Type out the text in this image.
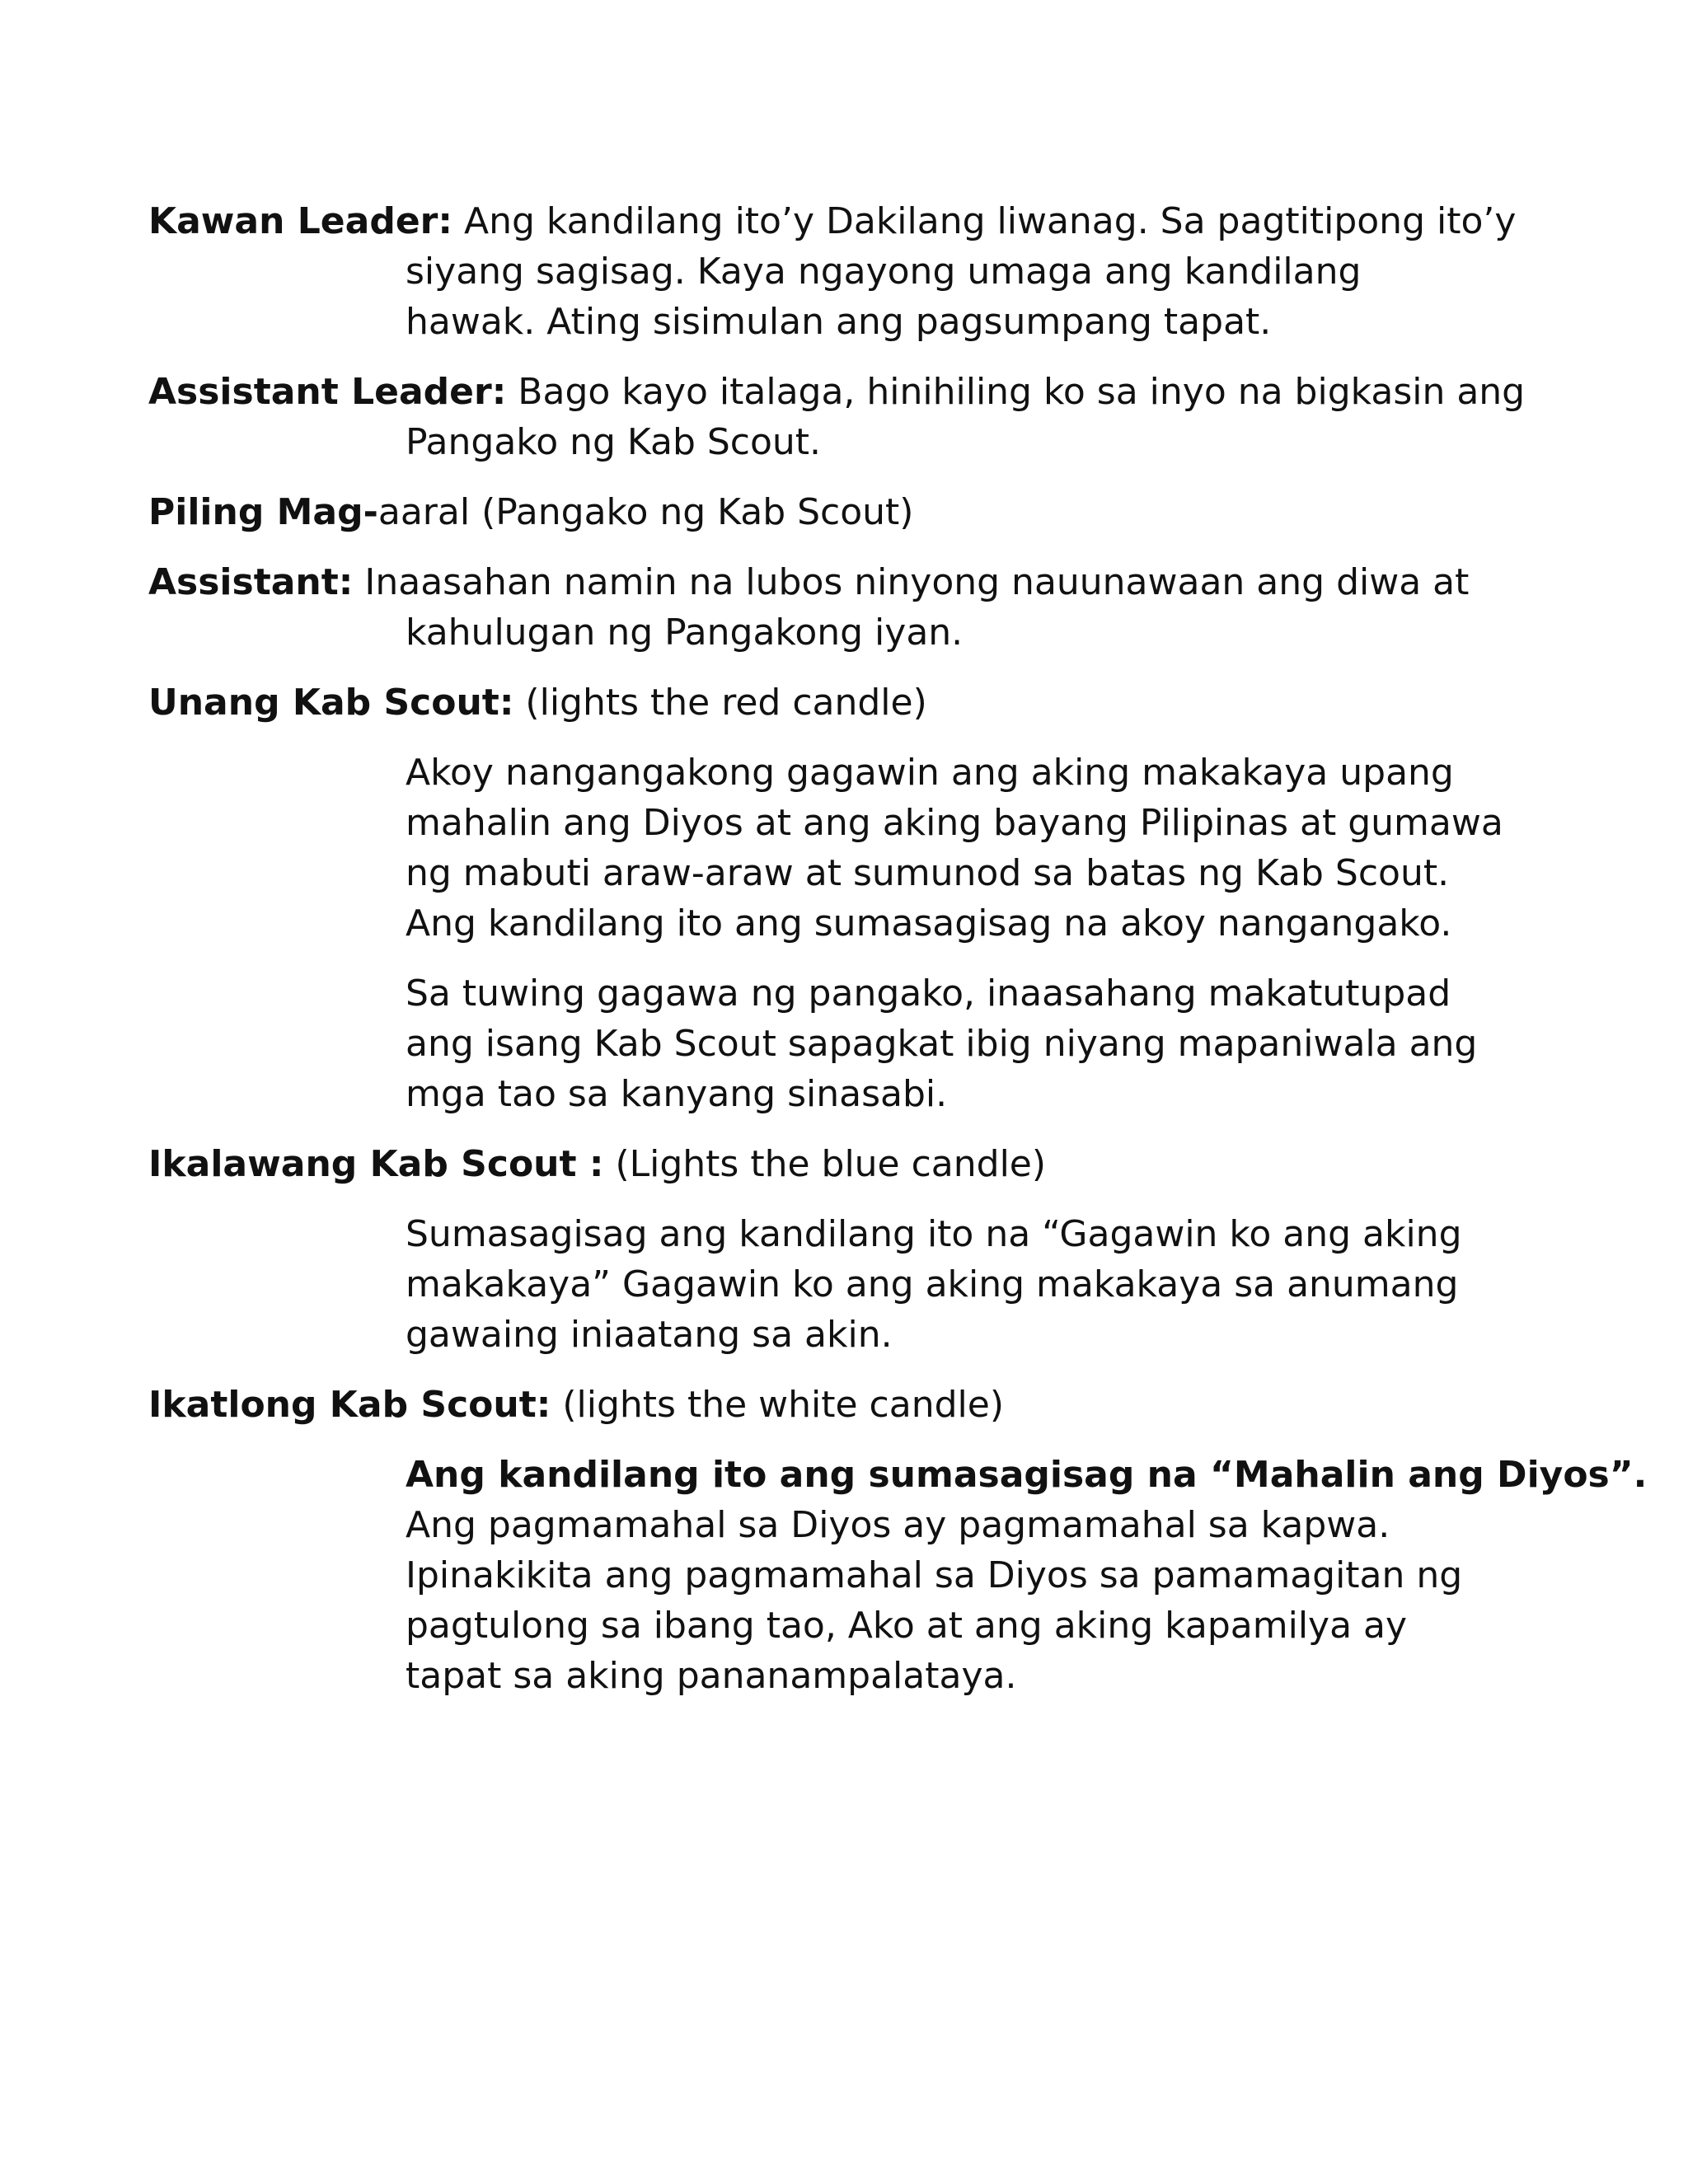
Kawan Leader: Ang kandilang ito’y Dakilang liwanag. Sa pagtitipong ito’y
siyang sagisag. Kaya ngayong umaga ang kandilang
hawak. Ating sisimulan ang pagsumpang tapat.
Assistant Leader: Bago kayo italaga, hinihiling ko sa inyo na bigkasin ang
Pangako ng Kab Scout.
Piling Mag-aaral (Pangako ng Kab Scout)
Assistant: Inaasahan namin na lubos ninyong nauunawaan ang diwa at
kahulugan ng Pangakong iyan.
Unang Kab Scout: (lights the red candle)
Akoy nangangakong gagawin ang aking makakaya upang
mahalin ang Diyos at ang aking bayang Pilipinas at gumawa
ng mabuti araw-araw at sumunod sa batas ng Kab Scout.
Ang kandilang ito ang sumasagisag na akoy nangangako.
Sa tuwing gagawa ng pangako, inaasahang makatutupad
ang isang Kab Scout sapagkat ibig niyang mapaniwala ang
mga tao sa kanyang sinasabi.
Ikalawang Kab Scout : (Lights the blue candle)
Sumasagisag ang kandilang ito na “Gagawin ko ang aking
makakaya” Gagawin ko ang aking makakaya sa anumang
gawaing iniaatang sa akin.
Ikatlong Kab Scout: (lights the white candle)
Ang kandilang ito ang sumasagisag na “Mahalin ang Diyos”.
Ang pagmamahal sa Diyos ay pagmamahal sa kapwa.
Ipinakikita ang pagmamahal sa Diyos sa pamamagitan ng
pagtulong sa ibang tao, Ako at ang aking kapamilya ay
tapat sa aking pananampalataya.
